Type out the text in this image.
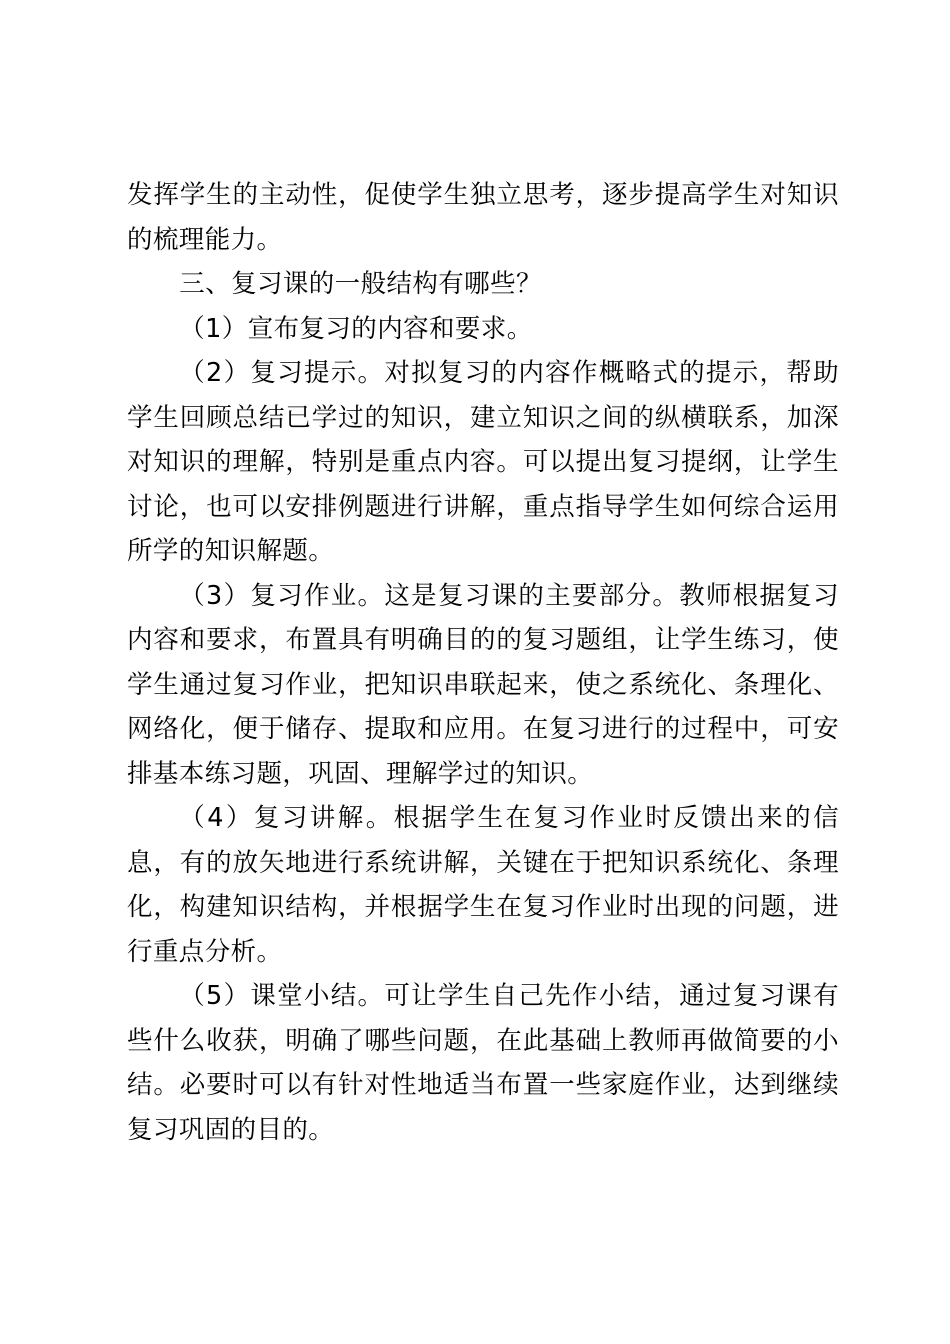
发挥学生的主动性，促使学生独立思考，逐步提高学生对知识的梳理能力。

三、复习课的一般结构有哪些？

（1）宣布复习的内容和要求。

（2）复习提示。对拟复习的内容作概略式的提示，帮助学生回顾总结已学过的知识，建立知识之间的纵横联系，加深对知识的理解，特别是重点内容。可以提出复习提纲，让学生讨论，也可以安排例题进行讲解，重点指导学生如何综合运用所学的知识解题。

（3）复习作业。这是复习课的主要部分。教师根据复习内容和要求，布置具有明确目的的复习题组，让学生练习，使学生通过复习作业，把知识串联起来，使之系统化、条理化、网络化，便于储存、提取和应用。在复习进行的过程中，可安排基本练习题，巩固、理解学过的知识。

（4）复习讲解。根据学生在复习作业时反馈出来的信息，有的放矢地进行系统讲解，关键在于把知识系统化、条理化，构建知识结构，并根据学生在复习作业时出现的问题，进行重点分析。

（5）课堂小结。可让学生自己先作小结，通过复习课有些什么收获，明确了哪些问题，在此基础上教师再做简要的小结。必要时可以有针对性地适当布置一些家庭作业，达到继续复习巩固的目的。
